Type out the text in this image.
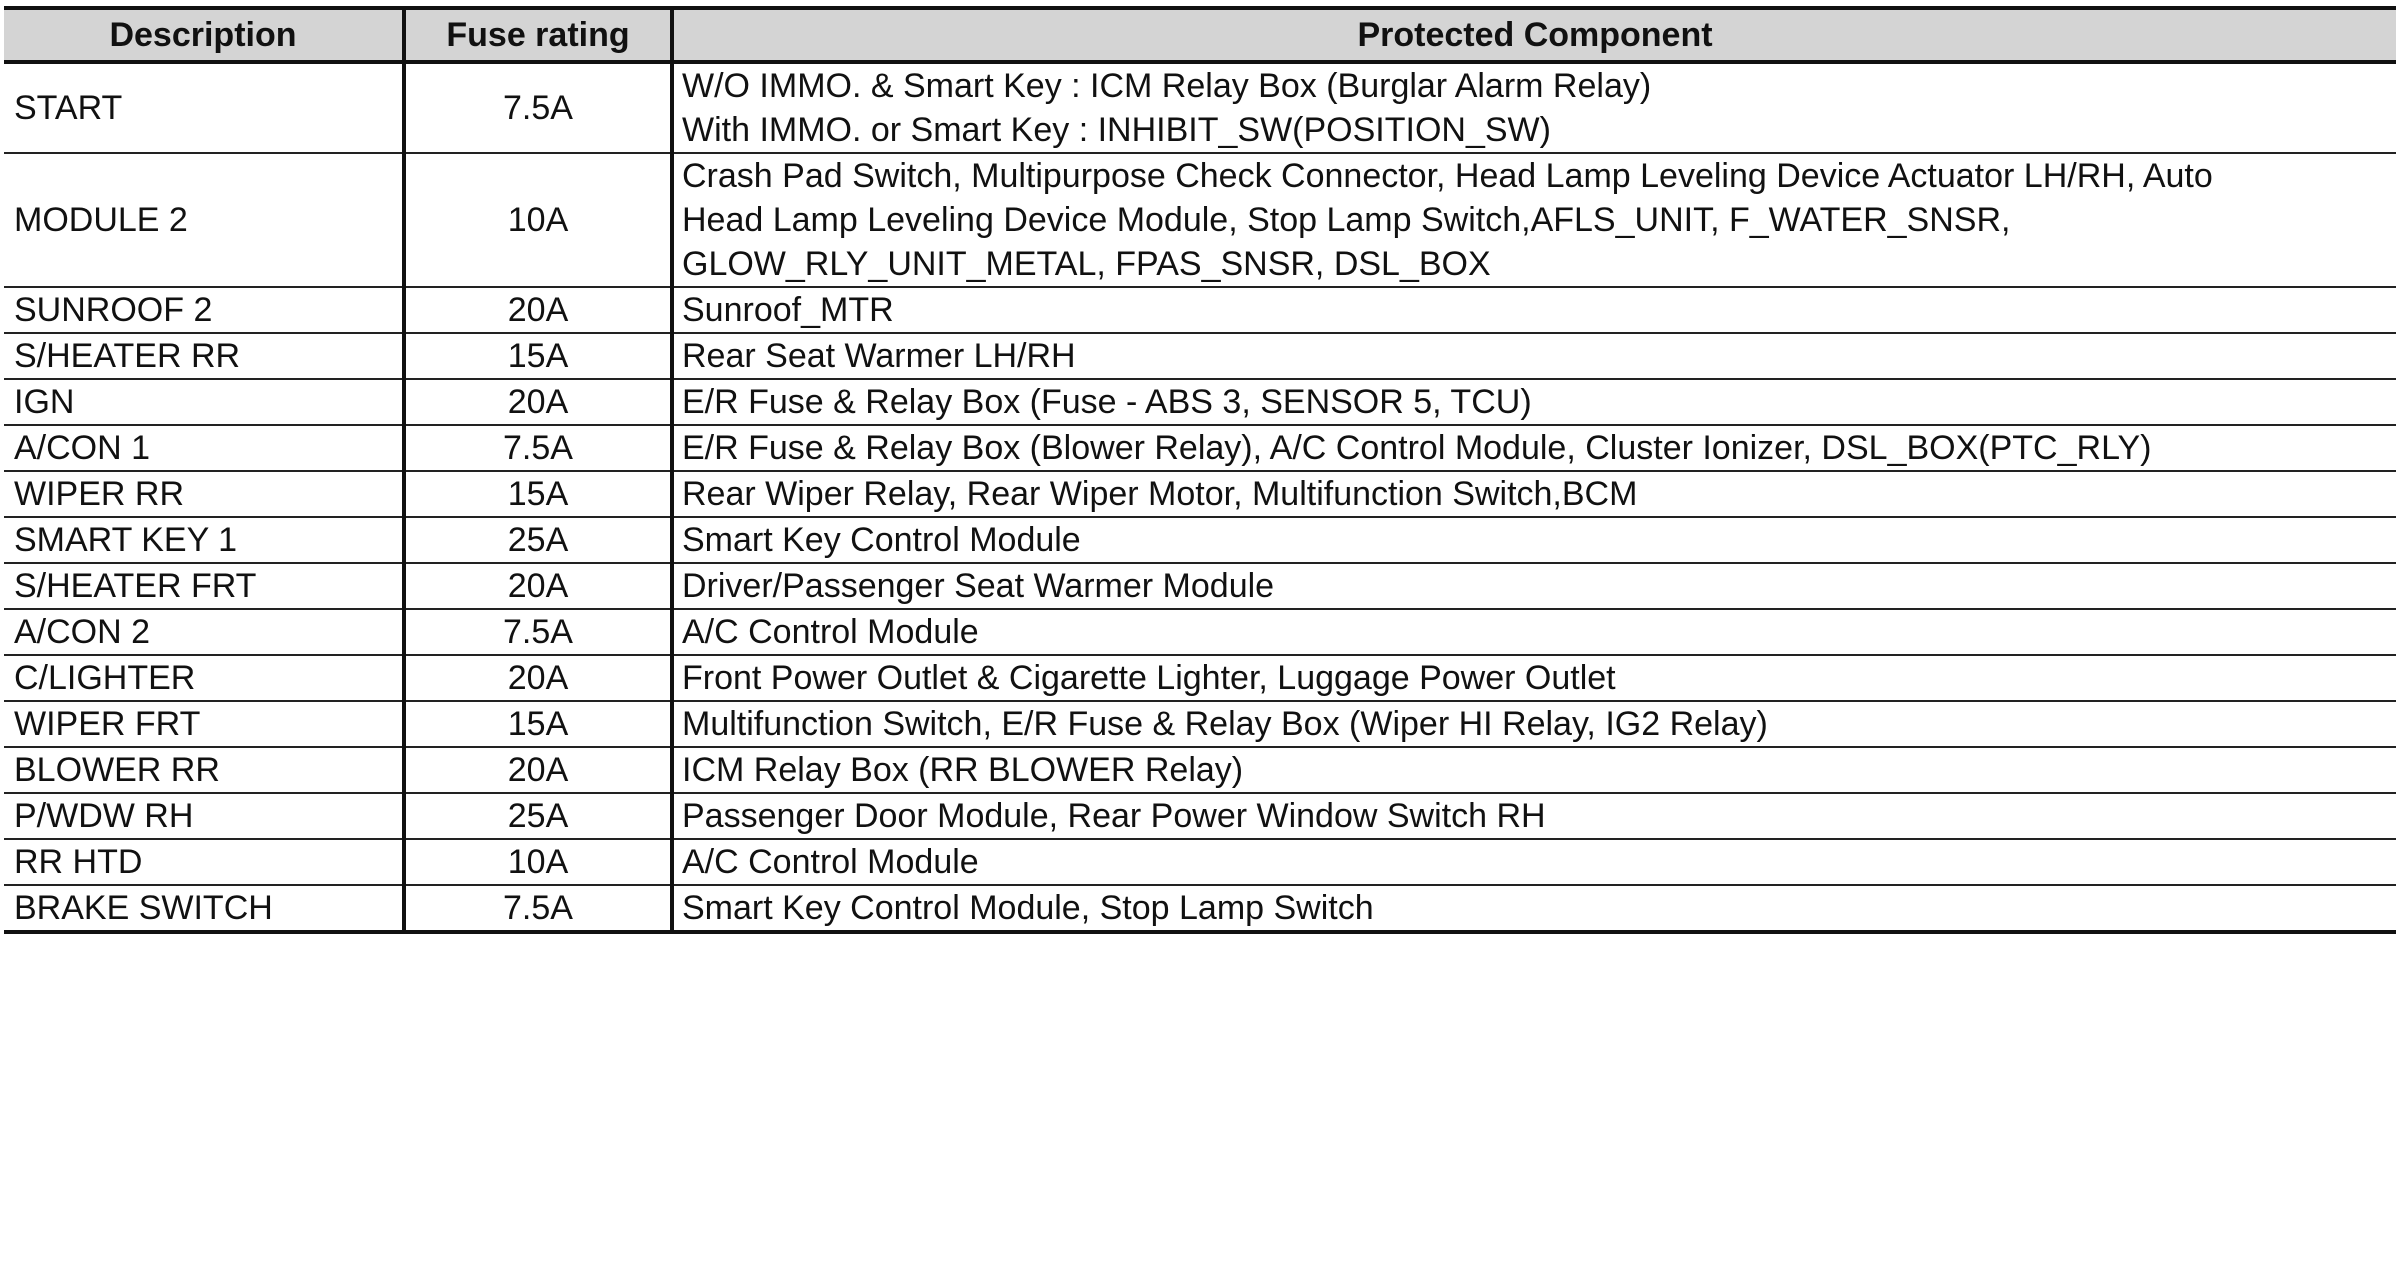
Description	Fuse rating	Protected Component
START	7.5A	W/O IMMO. & Smart Key : ICM Relay Box (Burglar Alarm Relay)
With IMMO. or Smart Key : INHIBIT_SW(POSITION_SW)

MODULE 2	10A	Crash Pad Switch, Multipurpose Check Connector, Head Lamp Leveling Device Actuator LH/RH, Auto
Head Lamp Leveling Device Module, Stop Lamp Switch,AFLS_UNIT, F_WATER_SNSR,
GLOW_RLY_UNIT_METAL, FPAS_SNSR, DSL_BOX

SUNROOF 2	20A	Sunroof_MTR

S/HEATER RR	15A	Rear Seat Warmer LH/RH

IGN	20A	E/R Fuse & Relay Box (Fuse - ABS 3, SENSOR 5, TCU)

A/CON 1	7.5A	E/R Fuse & Relay Box (Blower Relay), A/C Control Module, Cluster Ionizer, DSL_BOX(PTC_RLY)

WIPER RR	15A	Rear Wiper Relay, Rear Wiper Motor, Multifunction Switch,BCM

SMART KEY 1	25A	Smart Key Control Module

S/HEATER FRT	20A	Driver/Passenger Seat Warmer Module

A/CON 2	7.5A	A/C Control Module

C/LIGHTER	20A	Front Power Outlet & Cigarette Lighter, Luggage Power Outlet

WIPER FRT	15A	Multifunction Switch, E/R Fuse & Relay Box (Wiper HI Relay, IG2 Relay)

BLOWER RR	20A	ICM Relay Box (RR BLOWER Relay)

P/WDW RH	25A	Passenger Door Module, Rear Power Window Switch RH

RR HTD	10A	A/C Control Module

BRAKE SWITCH	7.5A	Smart Key Control Module, Stop Lamp Switch
